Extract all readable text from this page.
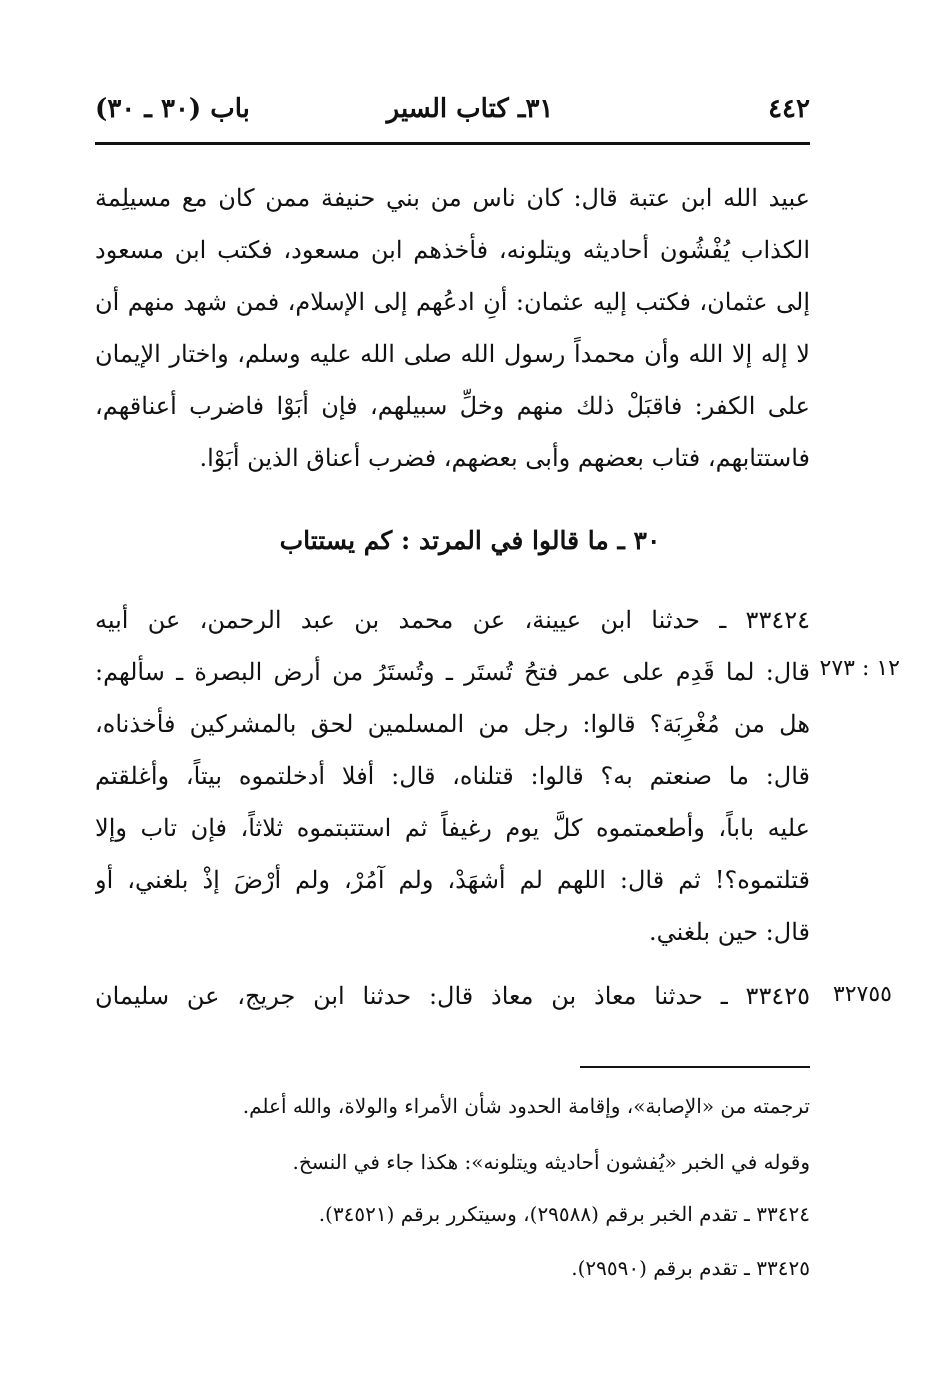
٤٤٢
٣١ـ كتاب السير
باب (٣٠ ـ ٣٠)
عبيد الله ابن عتبة قال: كان ناس من بني حنيفة ممن كان مع مسيلِمة
الكذاب يُفْشُون أحاديثه ويتلونه، فأخذهم ابن مسعود، فكتب ابن مسعود
إلى عثمان، فكتب إليه عثمان: أنِ ادعُهم إلى الإسلام، فمن شهد منهم أن
لا إله إلا الله وأن محمداً رسول الله صلى الله عليه وسلم، واختار الإيمان
على الكفر: فاقبَلْ ذلك منهم وخلِّ سبيلهم، فإن أبَوْا فاضرب أعناقهم،
فاستتابهم، فتاب بعضهم وأبى بعضهم، فضرب أعناق الذين أبَوْا.
٣٠ ـ ما قالوا في المرتد : كم يستتاب
٣٣٤٢٤ ـ حدثنا ابن عيينة، عن محمد بن عبد الرحمن، عن أبيه
قال: لما قَدِم على عمر فتحُ تُستَر ـ وتُستَرُ من أرض البصرة ـ سألهم:
هل من مُغْرِبَة؟ قالوا: رجل من المسلمين لحق بالمشركين فأخذناه،
قال: ما صنعتم به؟ قالوا: قتلناه، قال: أفلا أدخلتموه بيتاً، وأغلقتم
عليه باباً، وأطعمتموه كلَّ يوم رغيفاً ثم استتبتموه ثلاثاً، فإن تاب وإلا
قتلتموه؟! ثم قال: اللهم لم أشهَدْ، ولم آمُرْ، ولم أرْضَ إذْ بلغني، أو
قال: حين بلغني.
١٢ : ٢٧٣
٣٣٤٢٥ ـ حدثنا معاذ بن معاذ قال: حدثنا ابن جريج، عن سليمان ٣٢٧٥٥
ترجمته من «الإصابة»، وإقامة الحدود شأن الأمراء والولاة، والله أعلم.
وقوله في الخبر «يُفشون أحاديثه ويتلونه»: هكذا جاء في النسخ.
٣٣٤٢٤ ـ تقدم الخبر برقم (٢٩٥٨٨)، وسيتكرر برقم (٣٤٥٢١).
٣٣٤٢٥ ـ تقدم برقم (٢٩٥٩٠).
